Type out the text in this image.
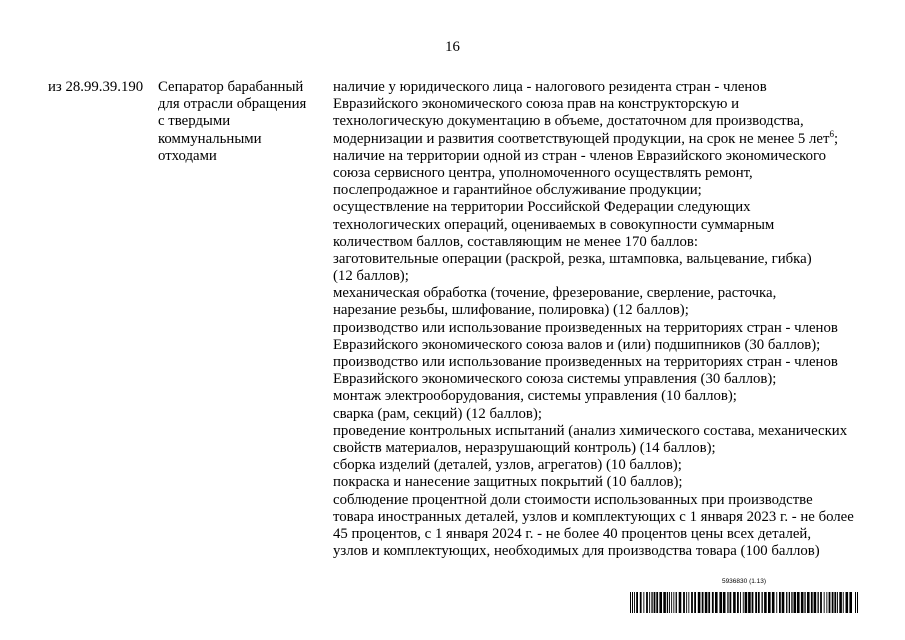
16
из 28.99.39.190 Сепаратор барабанный
для отрасли обращения
с твердыми
коммунальными
отходами
наличие у юридического лица - налогового резидента стран - членов
Евразийского экономического союза прав на конструкторскую и
технологическую документацию в объеме, достаточном для производства,
модернизации и развития соответствующей продукции, на срок не менее 5 лет$^6$;
наличие на территории одной из стран - членов Евразийского экономического
союза сервисного центра, уполномоченного осуществлять ремонт,
послепродажное и гарантийное обслуживание продукции;
осуществление на территории Российской Федерации следующих
технологических операций, оцениваемых в совокупности суммарным
количеством баллов, составляющим не менее 170 баллов:
заготовительные операции (раскрой, резка, штамповка, вальцевание, гибка)
(12 баллов);
механическая обработка (точение, фрезерование, сверление, расточка,
нарезание резьбы, шлифование, полировка) (12 баллов);
производство или использование произведенных на территориях стран - членов
Евразийского экономического союза валов и (или) подшипников (30 баллов);
производство или использование произведенных на территориях стран - членов
Евразийского экономического союза системы управления (30 баллов);
монтаж электрооборудования, системы управления (10 баллов);
сварка (рам, секций) (12 баллов);
проведение контрольных испытаний (анализ химического состава, механических
свойств материалов, неразрушающий контроль) (14 баллов);
сборка изделий (деталей, узлов, агрегатов) (10 баллов);
покраска и нанесение защитных покрытий (10 баллов);
соблюдение процентной доли стоимости использованных при производстве
товара иностранных деталей, узлов и комплектующих с 1 января 2023 г. - не более
45 процентов, с 1 января 2024 г. - не более 40 процентов цены всех деталей,
узлов и комплектующих, необходимых для производства товара (100 баллов)
5936830 (1.13)
